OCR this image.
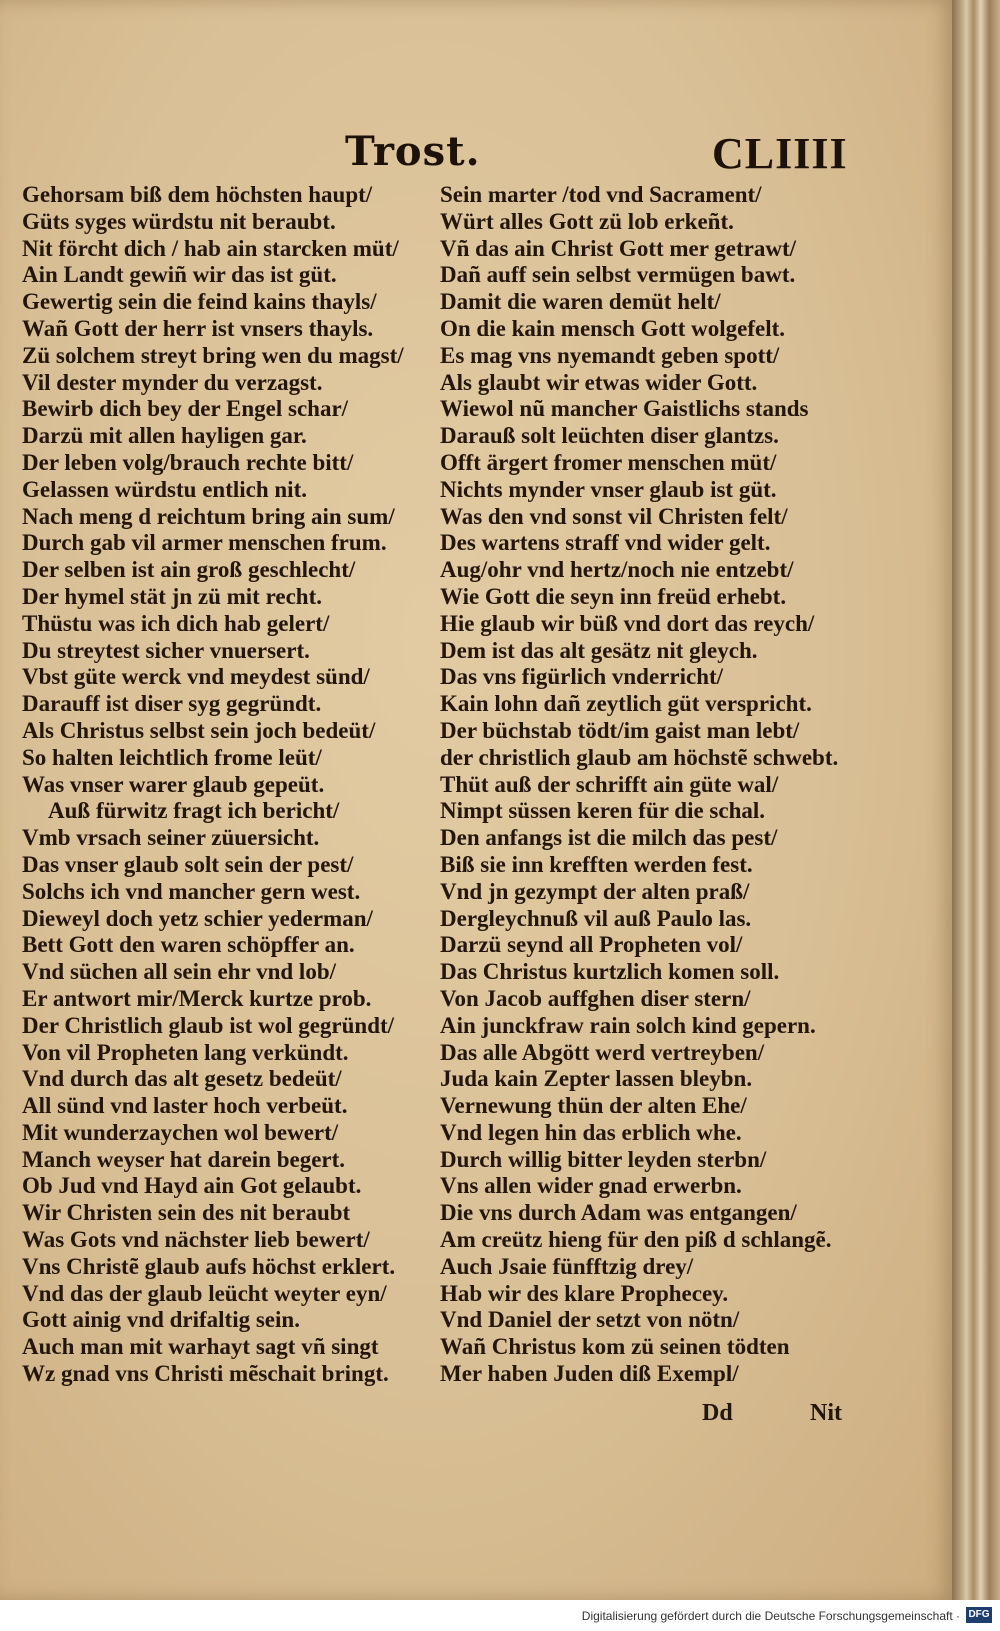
Trost.	CLIIII
Gehorsam biß dem höchsten haupt/
Güts syges würdstu nit beraubt.
Nit förcht dich / hab ain starcken müt/
Ain Landt gewiñ wir das ist güt.
Gewertig sein die feind kains thayls/
Wañ Gott der herr ist vnsers thayls.
Zü solchem streyt bring wen du magst/
Vil dester mynder du verzagst.
Bewirb dich bey der Engel schar/
Darzü mit allen hayligen gar.
Der leben volg/brauch rechte bitt/
Gelassen würdstu entlich nit.
Nach meng d reichtum bring ain sum/
Durch gab vil armer menschen frum.
Der selben ist ain groß geschlecht/
Der hymel stät jn zü mit recht.
Thüstu was ich dich hab gelert/
Du streytest sicher vnuersert.
Vbst güte werck vnd meydest sünd/
Darauff ist diser syg gegründt.
Als Christus selbst sein joch bedeüt/
So halten leichtlich frome leüt/
Was vnser warer glaub gepeüt.
Auß fürwitz fragt ich bericht/
Vmb vrsach seiner züuersicht.
Das vnser glaub solt sein der pest/
Solchs ich vnd mancher gern west.
Dieweyl doch yetz schier yederman/
Bett Gott den waren schöpffer an.
Vnd süchen all sein ehr vnd lob/
Er antwort mir/Merck kurtze prob.
Der Christlich glaub ist wol gegründt/
Von vil Propheten lang verkündt.
Vnd durch das alt gesetz bedeüt/
All sünd vnd laster hoch verbeüt.
Mit wunderzaychen wol bewert/
Manch weyser hat darein begert.
Ob Jud vnd Hayd ain Got gelaubt.
Wir Christen sein des nit beraubt
Was Gots vnd nächster lieb bewert/
Vns Christẽ glaub aufs höchst erklert.
Vnd das der glaub leücht weyter eyn/
Gott ainig vnd drifaltig sein.
Auch man mit warhayt sagt vñ singt
Wz gnad vns Christi mẽschait bringt.
Sein marter /tod vnd Sacrament/
Würt alles Gott zü lob erkeñt.
Vñ das ain Christ Gott mer getrawt/
Dañ auff sein selbst vermügen bawt.
Damit die waren demüt helt/
On die kain mensch Gott wolgefelt.
Es mag vns nyemandt geben spott/
Als glaubt wir etwas wider Gott.
Wiewol nũ mancher Gaistlichs stands
Darauß solt leüchten diser glantzs.
Offt ärgert fromer menschen müt/
Nichts mynder vnser glaub ist güt.
Was den vnd sonst vil Christen felt/
Des wartens straff vnd wider gelt.
Aug/ohr vnd hertz/noch nie entzebt/
Wie Gott die seyn inn freüd erhebt.
Hie glaub wir büß vnd dort das reych/
Dem ist das alt gesätz nit gleych.
Das vns figürlich vnderricht/
Kain lohn dañ zeytlich güt verspricht.
Der büchstab tödt/im gaist man lebt/
der christlich glaub am höchstẽ schwebt.
Thüt auß der schrifft ain güte wal/
Nimpt süssen keren für die schal.
Den anfangs ist die milch das pest/
Biß sie inn krefften werden fest.
Vnd jn gezympt der alten praß/
Dergleychnuß vil auß Paulo las.
Darzü seynd all Propheten vol/
Das Christus kurtzlich komen soll.
Von Jacob auffghen diser stern/
Ain junckfraw rain solch kind gepern.
Das alle Abgött werd vertreyben/
Juda kain Zepter lassen bleybn.
Vernewung thün der alten Ehe/
Vnd legen hin das erblich whe.
Durch willig bitter leyden sterbn/
Vns allen wider gnad erwerbn.
Die vns durch Adam was entgangen/
Am creütz hieng für den piß d schlangẽ.
Auch Jsaie fünfftzig drey/
Hab wir des klare Prophecey.
Vnd Daniel der setzt von nötn/
Wañ Christus kom zü seinen tödten
Mer haben Juden diß Exempl/
Dd	Nit
Digitalisierung gefördert durch die Deutsche Forschungsgemeinschaft · DFG
